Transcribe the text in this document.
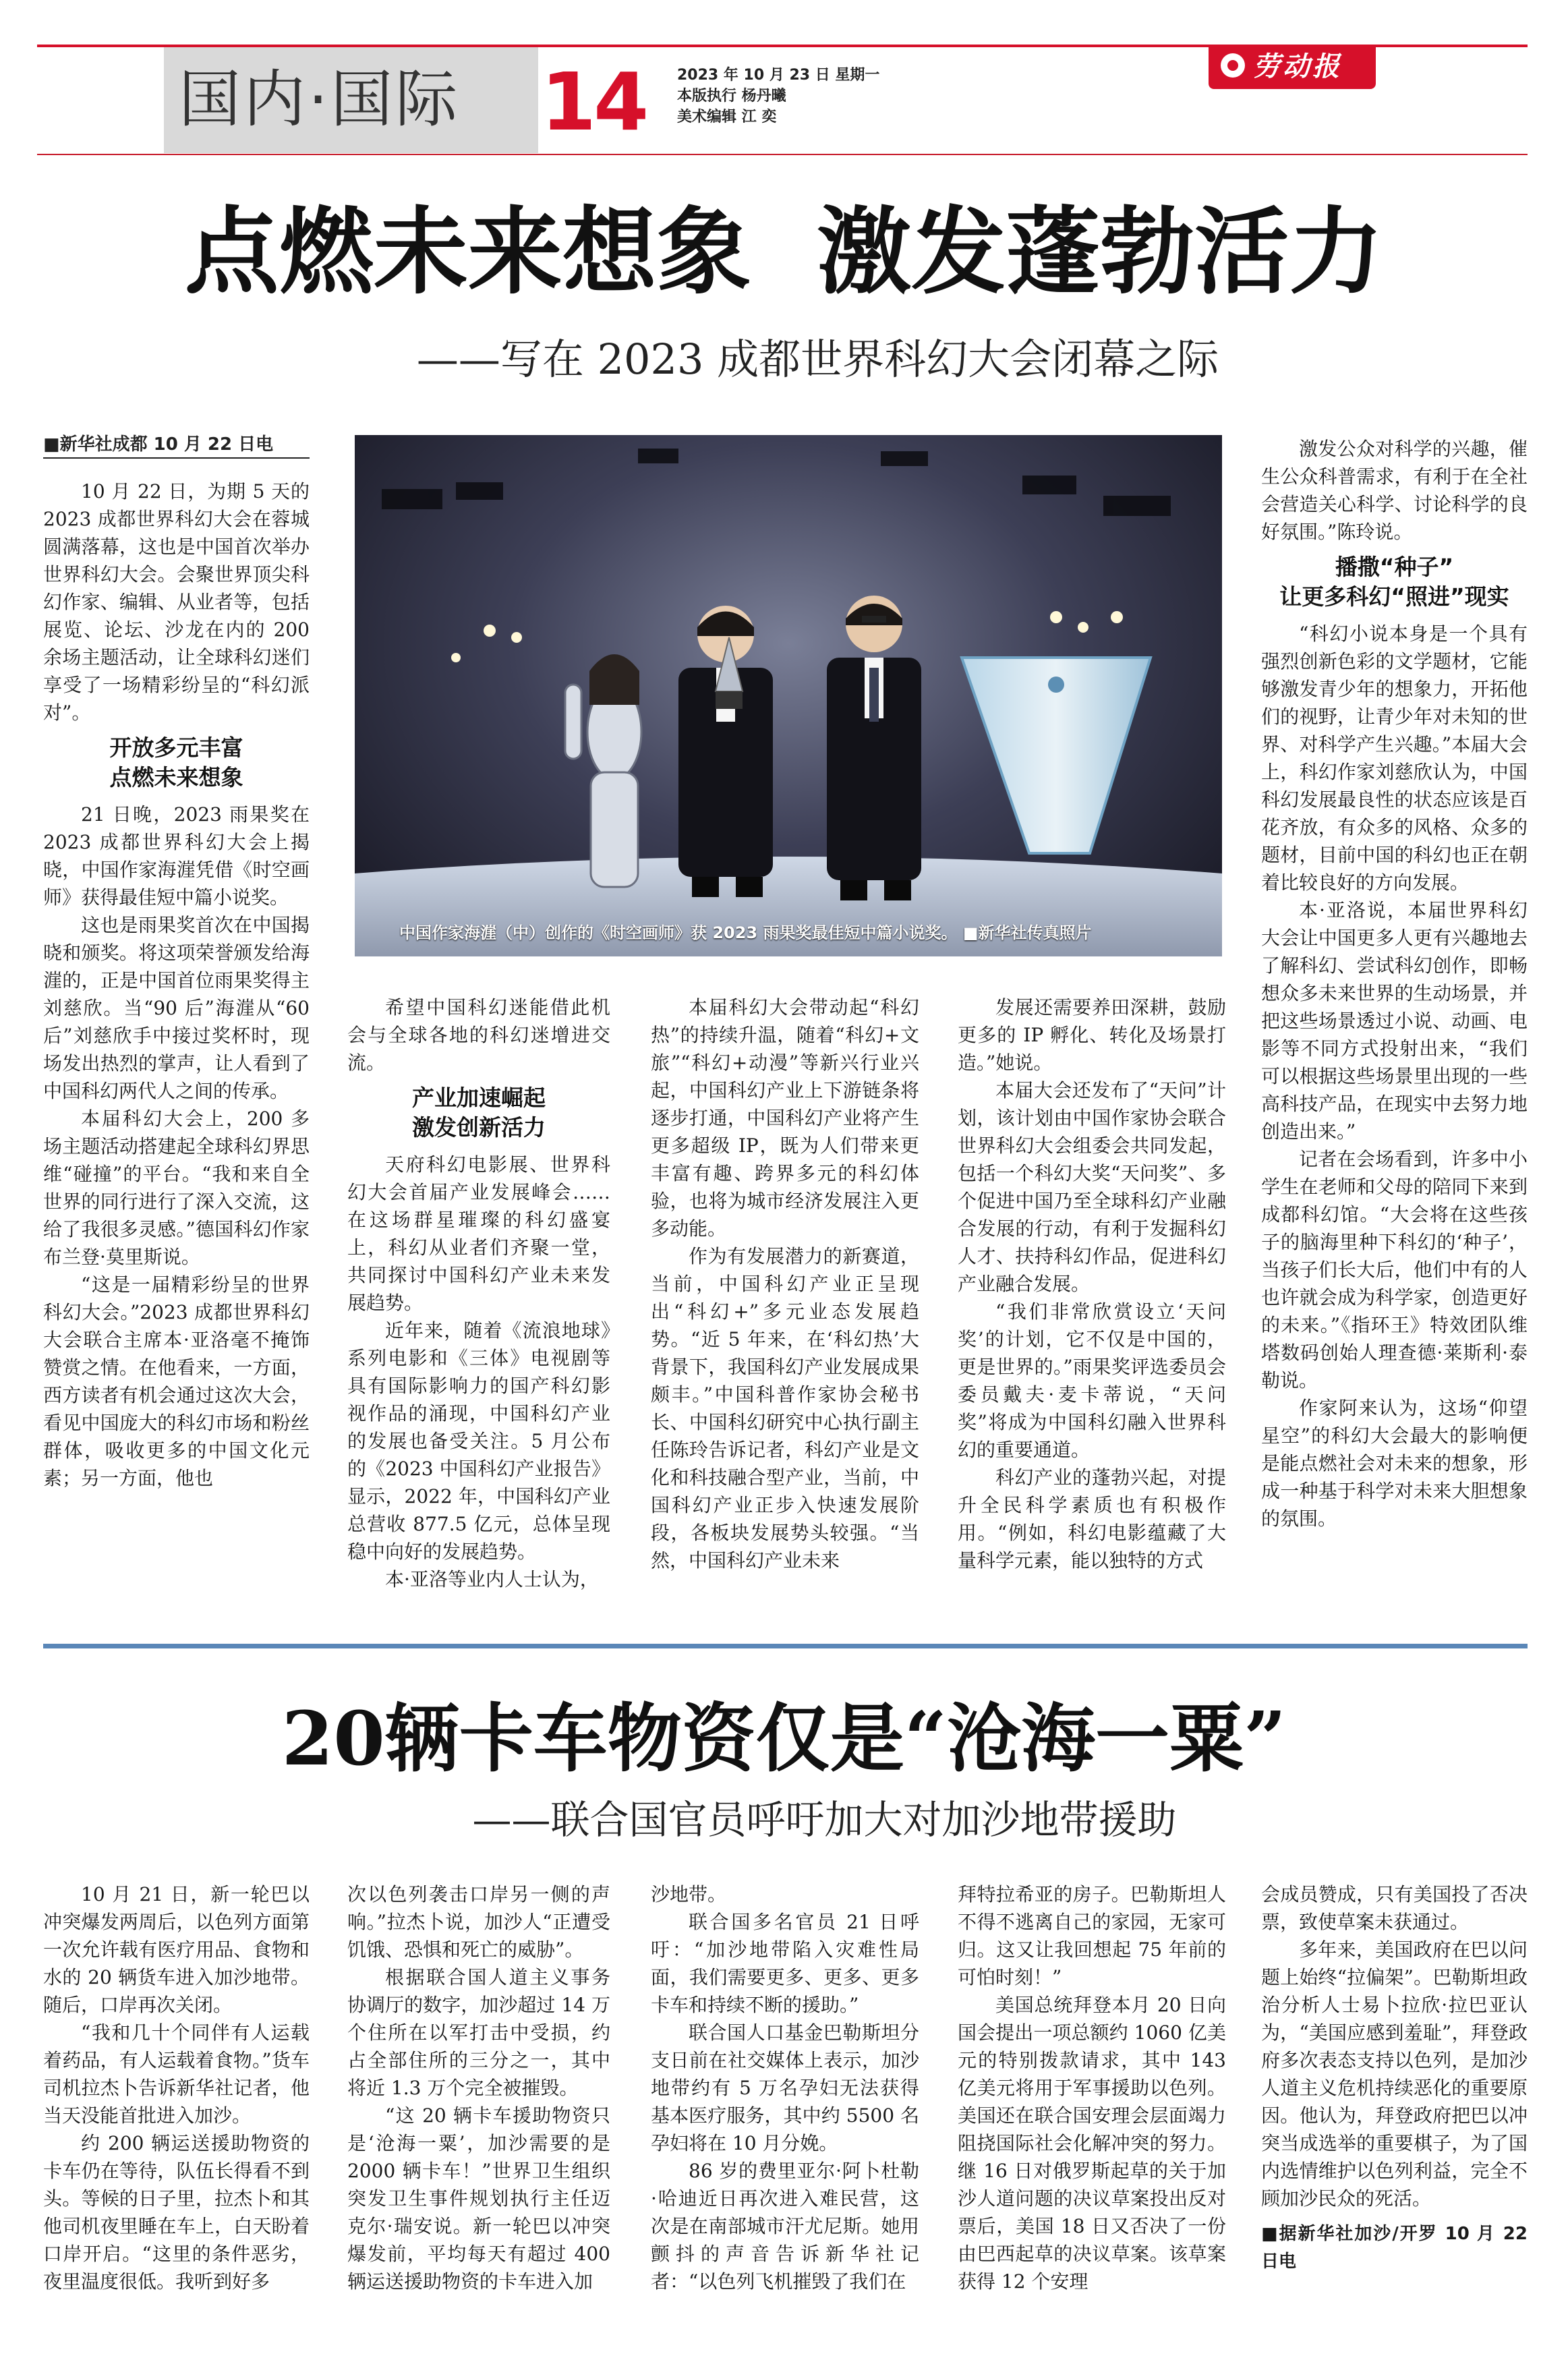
国内·国际 14 2023 年 10 月 23 日 星期一
本版执行 杨丹曦
美术编辑 江 奕
劳动报
点燃未来想象  激发蓬勃活力
——写在 2023 成都世界科幻大会闭幕之际
■新华社成都 10 月 22 日电
中国作家海漄（中）创作的《时空画师》获 2023 雨果奖最佳短中篇小说奖。 ■新华社传真照片

10 月 22 日，为期 5 天的 2023 成都世界科幻大会在蓉城圆满落幕，这也是中国首次举办世界科幻大会。会聚世界顶尖科幻作家、编辑、从业者等，包括展览、论坛、沙龙在内的 200 余场主题活动，让全球科幻迷们享受了一场精彩纷呈的“科幻派对”。

开放多元丰富
点燃未来想象

21 日晚，2023 雨果奖在 2023 成都世界科幻大会上揭晓，中国作家海漄凭借《时空画师》获得最佳短中篇小说奖。

这也是雨果奖首次在中国揭晓和颁奖。将这项荣誉颁发给海漄的，正是中国首位雨果奖得主刘慈欣。当“90 后”海漄从“60 后”刘慈欣手中接过奖杯时，现场发出热烈的掌声，让人看到了中国科幻两代人之间的传承。

本届科幻大会上，200 多场主题活动搭建起全球科幻界思维“碰撞”的平台。“我和来自全世界的同行进行了深入交流，这给了我很多灵感。”德国科幻作家布兰登·莫里斯说。

“这是一届精彩纷呈的世界科幻大会。”2023 成都世界科幻大会联合主席本·亚洛毫不掩饰赞赏之情。在他看来，一方面，西方读者有机会通过这次大会，看见中国庞大的科幻市场和粉丝群体，吸收更多的中国文化元素；另一方面，他也

希望中国科幻迷能借此机会与全球各地的科幻迷增进交流。

产业加速崛起
激发创新活力

天府科幻电影展、世界科幻大会首届产业发展峰会……在这场群星璀璨的科幻盛宴上，科幻从业者们齐聚一堂，共同探讨中国科幻产业未来发展趋势。

近年来，随着《流浪地球》系列电影和《三体》电视剧等具有国际影响力的国产科幻影视作品的涌现，中国科幻产业的发展也备受关注。5 月公布的《2023 中国科幻产业报告》显示，2022 年，中国科幻产业总营收 877.5 亿元，总体呈现稳中向好的发展趋势。

本·亚洛等业内人士认为，

本届科幻大会带动起“科幻热”的持续升温，随着“科幻+文旅”“科幻+动漫”等新兴行业兴起，中国科幻产业上下游链条将逐步打通，中国科幻产业将产生更多超级 IP，既为人们带来更丰富有趣、跨界多元的科幻体验，也将为城市经济发展注入更多动能。

作为有发展潜力的新赛道，当前，中国科幻产业正呈现出“科幻+”多元业态发展趋势。“近 5 年来，在‘科幻热’大背景下，我国科幻产业发展成果颇丰。”中国科普作家协会秘书长、中国科幻研究中心执行副主任陈玲告诉记者，科幻产业是文化和科技融合型产业，当前，中国科幻产业正步入快速发展阶段，各板块发展势头较强。“当然，中国科幻产业未来

发展还需要养田深耕，鼓励更多的 IP 孵化、转化及场景打造。”她说。

本届大会还发布了“天问”计划，该计划由中国作家协会联合世界科幻大会组委会共同发起，包括一个科幻大奖“天问奖”、多个促进中国乃至全球科幻产业融合发展的行动，有利于发掘科幻人才、扶持科幻作品，促进科幻产业融合发展。

“我们非常欣赏设立‘天问奖’的计划，它不仅是中国的，更是世界的。”雨果奖评选委员会委员戴夫·麦卡蒂说，“天问奖”将成为中国科幻融入世界科幻的重要通道。

科幻产业的蓬勃兴起，对提升全民科学素质也有积极作用。“例如，科幻电影蕴藏了大量科学元素，能以独特的方式

激发公众对科学的兴趣，催生公众科普需求，有利于在全社会营造关心科学、讨论科学的良好氛围。”陈玲说。

播撒“种子”
让更多科幻“照进”现实

“科幻小说本身是一个具有强烈创新色彩的文学题材，它能够激发青少年的想象力，开拓他们的视野，让青少年对未知的世界、对科学产生兴趣。”本届大会上，科幻作家刘慈欣认为，中国科幻发展最良性的状态应该是百花齐放，有众多的风格、众多的题材，目前中国的科幻也正在朝着比较良好的方向发展。

本·亚洛说，本届世界科幻大会让中国更多人更有兴趣地去了解科幻、尝试科幻创作，即畅想众多未来世界的生动场景，并把这些场景透过小说、动画、电影等不同方式投射出来，“我们可以根据这些场景里出现的一些高科技产品，在现实中去努力地创造出来。”

记者在会场看到，许多中小学生在老师和父母的陪同下来到成都科幻馆。“大会将在这些孩子的脑海里种下科幻的‘种子’，当孩子们长大后，他们中有的人也许就会成为科学家，创造更好的未来。”《指环王》特效团队维塔数码创始人理查德·莱斯利·泰勒说。

作家阿来认为，这场“仰望星空”的科幻大会最大的影响便是能点燃社会对未来的想象，形成一种基于科学对未来大胆想象的氛围。

20辆卡车物资仅是“沧海一粟”
——联合国官员呼吁加大对加沙地带援助

10 月 21 日，新一轮巴以冲突爆发两周后，以色列方面第一次允许载有医疗用品、食物和水的 20 辆货车进入加沙地带。随后，口岸再次关闭。

“我和几十个同伴有人运载着药品，有人运载着食物。”货车司机拉杰卜告诉新华社记者，他当天没能首批进入加沙。

约 200 辆运送援助物资的卡车仍在等待，队伍长得看不到头。等候的日子里，拉杰卜和其他司机夜里睡在车上，白天盼着口岸开启。“这里的条件恶劣，夜里温度很低。我听到好多

次以色列袭击口岸另一侧的声响。”拉杰卜说，加沙人“正遭受饥饿、恐惧和死亡的威胁”。

根据联合国人道主义事务协调厅的数字，加沙超过 14 万个住所在以军打击中受损，约占全部住所的三分之一，其中将近 1.3 万个完全被摧毁。

“这 20 辆卡车援助物资只是‘沧海一粟’，加沙需要的是 2000 辆卡车！”世界卫生组织突发卫生事件规划执行主任迈克尔·瑞安说。新一轮巴以冲突爆发前，平均每天有超过 400 辆运送援助物资的卡车进入加

沙地带。

联合国多名官员 21 日呼吁：“加沙地带陷入灾难性局面，我们需要更多、更多、更多卡车和持续不断的援助。”

联合国人口基金巴勒斯坦分支日前在社交媒体上表示，加沙地带约有 5 万名孕妇无法获得基本医疗服务，其中约 5500 名孕妇将在 10 月分娩。

86 岁的费里亚尔·阿卜杜勒·哈迪近日再次进入难民营，这次是在南部城市汗尤尼斯。她用颤抖的声音告诉新华社记者：“以色列飞机摧毁了我们在

拜特拉希亚的房子。巴勒斯坦人不得不逃离自己的家园，无家可归。这又让我回想起 75 年前的可怕时刻！”

美国总统拜登本月 20 日向国会提出一项总额约 1060 亿美元的特别拨款请求，其中 143 亿美元将用于军事援助以色列。美国还在联合国安理会层面竭力阻挠国际社会化解冲突的努力。继 16 日对俄罗斯起草的关于加沙人道问题的决议草案投出反对票后，美国 18 日又否决了一份由巴西起草的决议草案。该草案获得 12 个安理

会成员赞成，只有美国投了否决票，致使草案未获通过。

多年来，美国政府在巴以问题上始终“拉偏架”。巴勒斯坦政治分析人士易卜拉欣·拉巴亚认为，“美国应感到羞耻”，拜登政府多次表态支持以色列，是加沙人道主义危机持续恶化的重要原因。他认为，拜登政府把巴以冲突当成选举的重要棋子，为了国内选情维护以色列利益，完全不顾加沙民众的死活。

■据新华社加沙/开罗 10 月 22 日电
